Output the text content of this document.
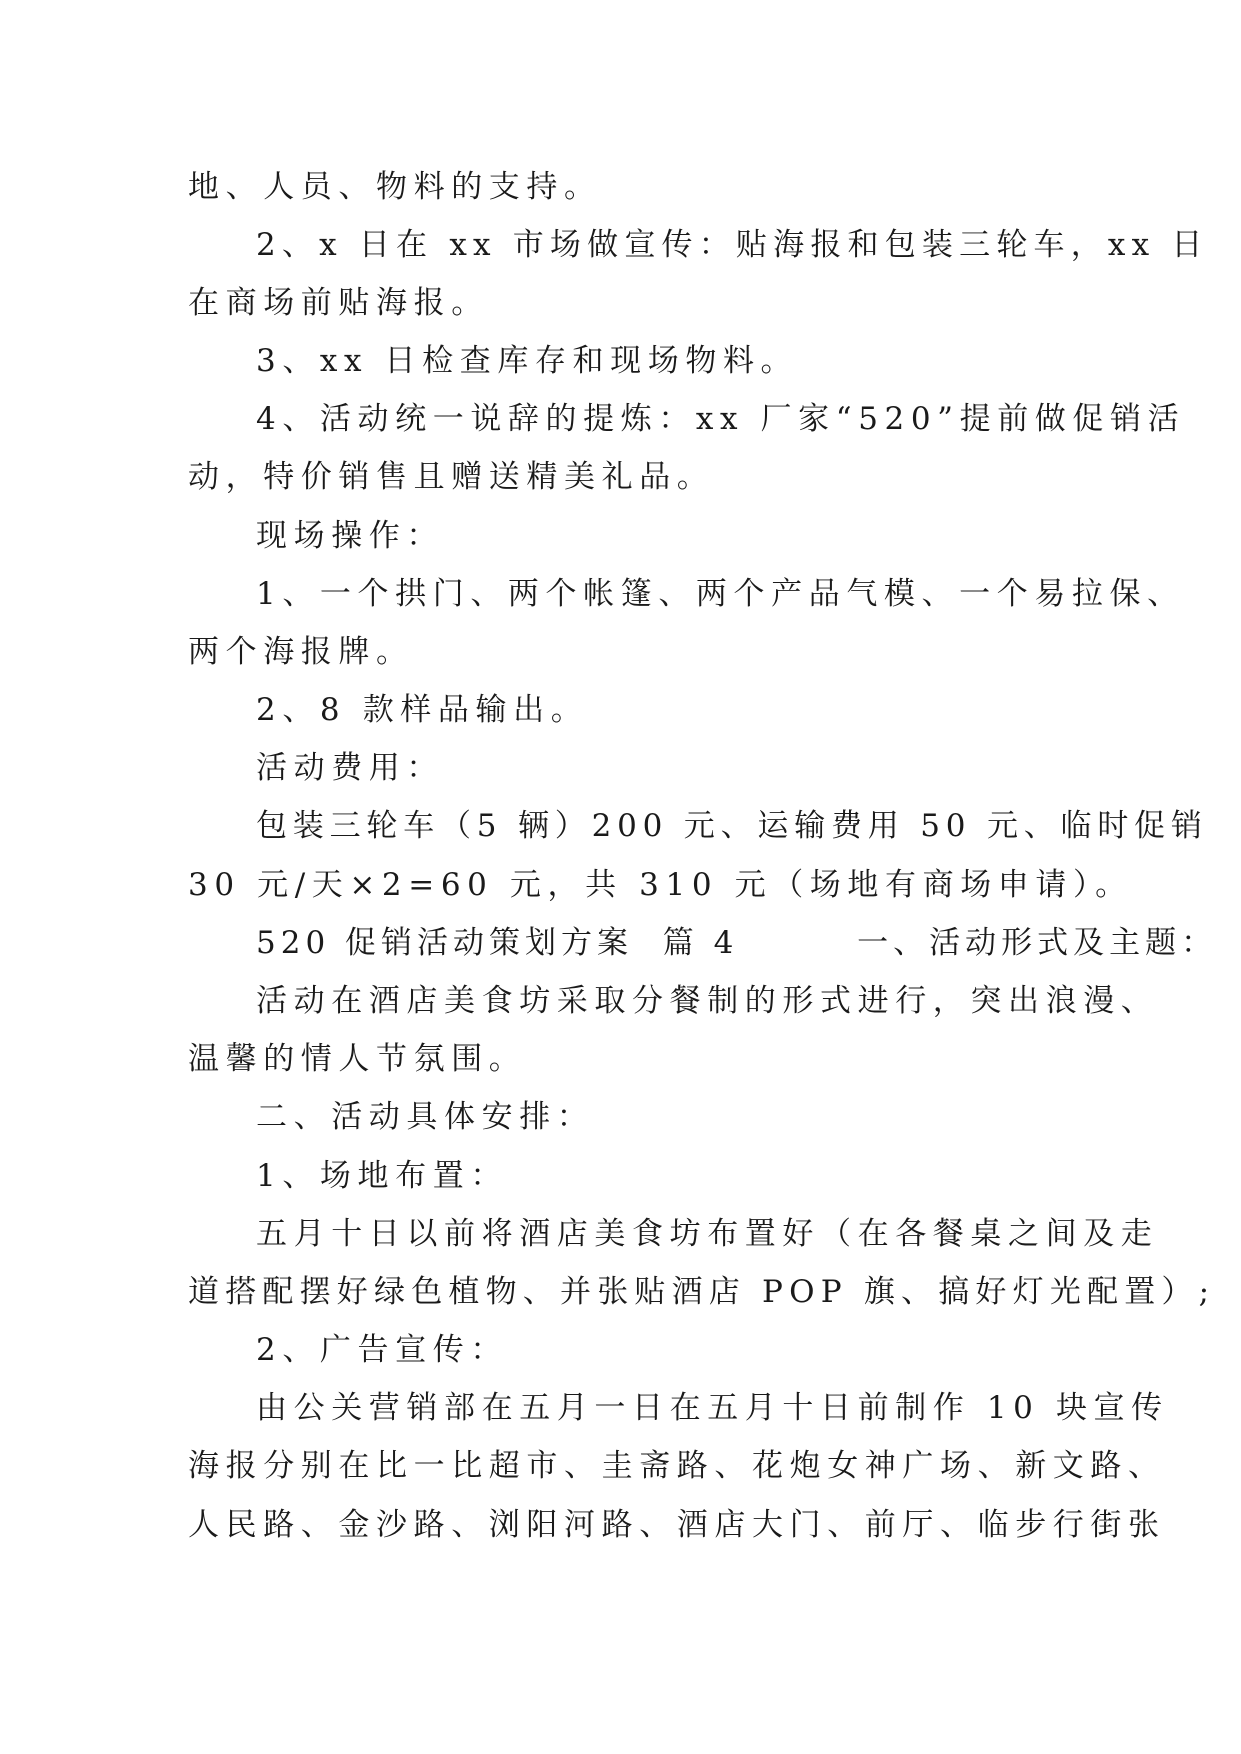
地、人员、物料的支持。
2、x 日在 xx 市场做宣传：贴海报和包装三轮车，xx 日
在商场前贴海报。
3、xx 日检查库存和现场物料。
4、活动统一说辞的提炼：xx 厂家“520”提前做促销活
动，特价销售且赠送精美礼品。
现场操作：
1、一个拱门、两个帐篷、两个产品气模、一个易拉保、
两个海报牌。
2、8 款样品输出。
活动费用：
包装三轮车（5 辆）200 元、运输费用 50 元、临时促销
30 元/天×2=60 元，共 310 元（场地有商场申请）。
520 促销活动策划方案  篇 4        一、活动形式及主题：
活动在酒店美食坊采取分餐制的形式进行，突出浪漫、
温馨的情人节氛围。
二、活动具体安排：
1、场地布置：
五月十日以前将酒店美食坊布置好（在各餐桌之间及走
道搭配摆好绿色植物、并张贴酒店 POP 旗、搞好灯光配置）;
2、广告宣传：
由公关营销部在五月一日在五月十日前制作 10 块宣传
海报分别在比一比超市、圭斋路、花炮女神广场、新文路、
人民路、金沙路、浏阳河路、酒店大门、前厅、临步行街张
